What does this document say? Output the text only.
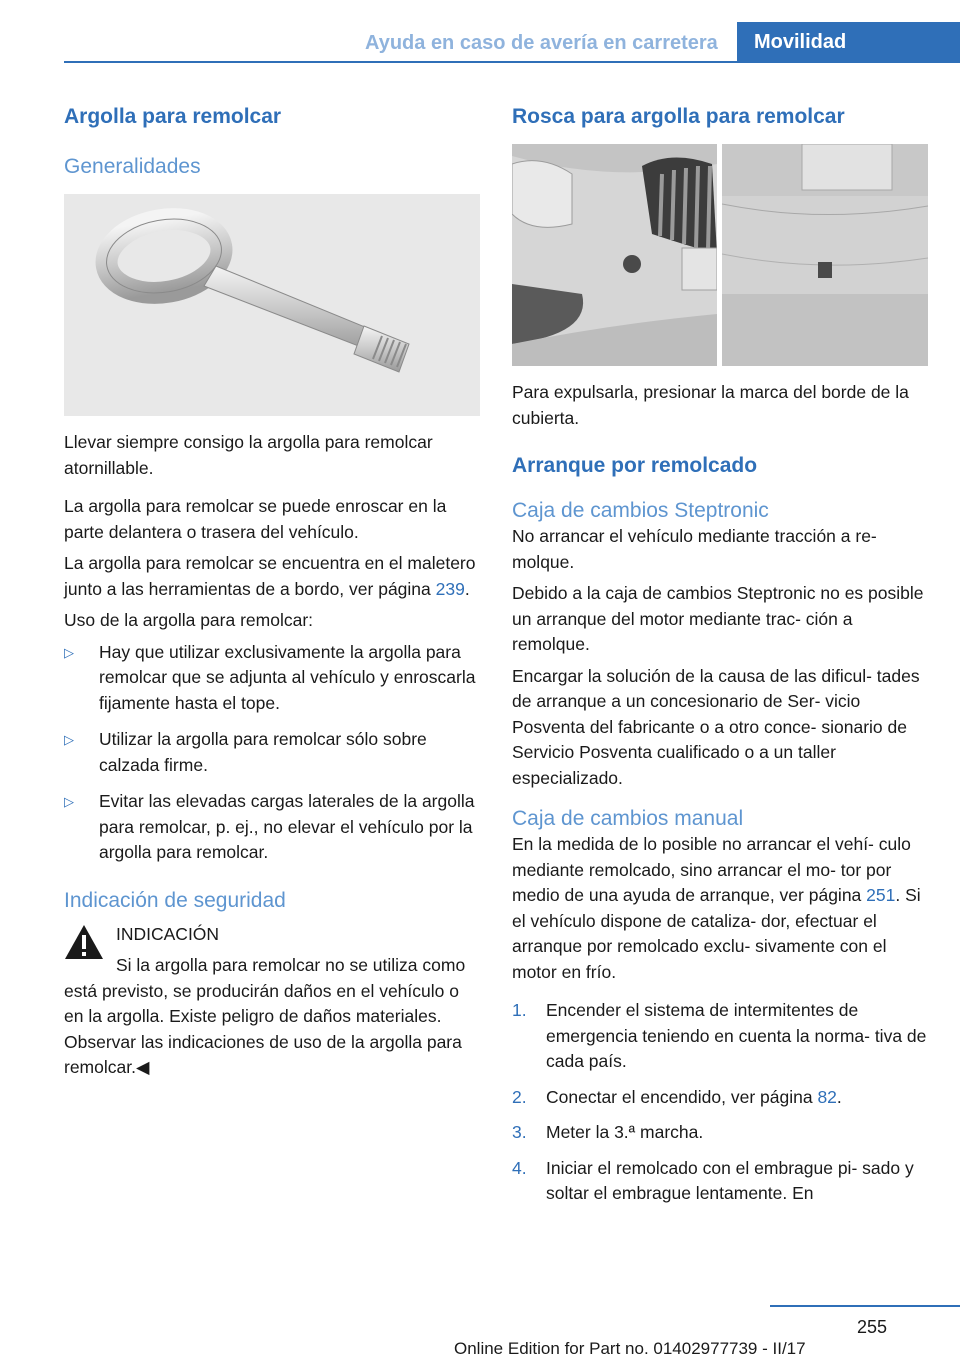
Ayuda en caso de avería en carretera	Movilidad
Argolla para remolcar
Generalidades

Llevar siempre consigo la argolla para remolcar atornillable.

La argolla para remolcar se puede enroscar en la parte delantera o trasera del vehículo.

La argolla para remolcar se encuentra en el maletero junto a las herramientas de a bordo, ver página 239.

Uso de la argolla para remolcar:

▷ Hay que utilizar exclusivamente la argolla para remolcar que se adjunta al vehículo y enroscarla fijamente hasta el tope.
▷ Utilizar la argolla para remolcar sólo sobre calzada firme.
▷ Evitar las elevadas cargas laterales de la argolla para remolcar, p. ej., no elevar el vehículo por la argolla para remolcar.
Indicación de seguridad

INDICACIÓN

Si la argolla para remolcar no se utiliza como está previsto, se producirán daños en el vehículo o en la argolla. Existe peligro de daños materiales. Observar las indicaciones de uso de la argolla para remolcar.◀

Rosca para argolla para remolcar

Para expulsarla, presionar la marca del borde de la cubierta.

Arranque por remolcado
Caja de cambios Steptronic

No arrancar el vehículo mediante tracción a re‐ molque.

Debido a la caja de cambios Steptronic no es posible un arranque del motor mediante trac‐ ción a remolque.

Encargar la solución de la causa de las dificul‐ tades de arranque a un concesionario de Ser‐ vicio Posventa del fabricante o a otro conce‐ sionario de Servicio Posventa cualificado o a un taller especializado.

Caja de cambios manual

En la medida de lo posible no arrancar el vehí‐ culo mediante remolcado, sino arrancar el mo‐ tor por medio de una ayuda de arranque, ver página 251. Si el vehículo dispone de cataliza‐ dor, efectuar el arranque por remolcado exclu‐ sivamente con el motor en frío.

1. Encender el sistema de intermitentes de emergencia teniendo en cuenta la norma‐ tiva de cada país.
2. Conectar el encendido, ver página 82.
3. Meter la 3.ª marcha.
4. Iniciar el remolcado con el embrague pi‐ sado y soltar el embrague lentamente. En
255
Online Edition for Part no. 01402977739 - II/17
